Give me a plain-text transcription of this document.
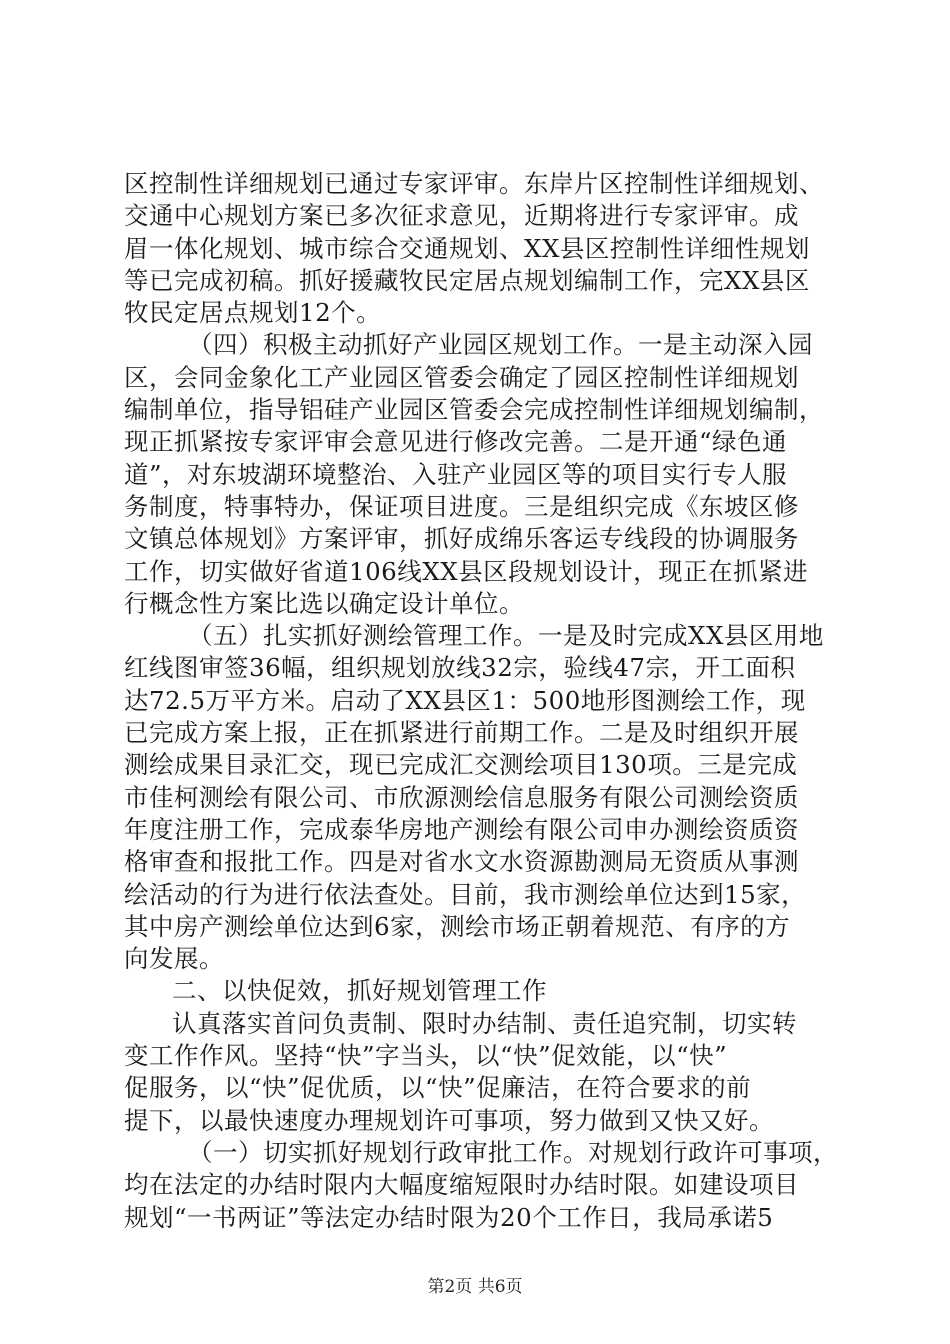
区控制性详细规划已通过专家评审。东岸片区控制性详细规划、
交通中心规划方案已多次征求意见，近期将进行专家评审。成
眉一体化规划、城市综合交通规划、XX县区控制性详细性规划
等已完成初稿。抓好援藏牧民定居点规划编制工作，完XX县区
牧民定居点规划12个。
（四）积极主动抓好产业园区规划工作。一是主动深入园
区，会同金象化工产业园区管委会确定了园区控制性详细规划
编制单位，指导铝硅产业园区管委会完成控制性详细规划编制，
现正抓紧按专家评审会意见进行修改完善。二是开通“绿色通
道”，对东坡湖环境整治、入驻产业园区等的项目实行专人服
务制度，特事特办，保证项目进度。三是组织完成《东坡区修
文镇总体规划》方案评审，抓好成绵乐客运专线段的协调服务
工作，切实做好省道106线XX县区段规划设计，现正在抓紧进
行概念性方案比选以确定设计单位。
（五）扎实抓好测绘管理工作。一是及时完成XX县区用地
红线图审签36幅，组织规划放线32宗，验线47宗，开工面积
达72.5万平方米。启动了XX县区1：500地形图测绘工作，现
已完成方案上报，正在抓紧进行前期工作。二是及时组织开展
测绘成果目录汇交，现已完成汇交测绘项目130项。三是完成
市佳柯测绘有限公司、市欣源测绘信息服务有限公司测绘资质
年度注册工作，完成泰华房地产测绘有限公司申办测绘资质资
格审查和报批工作。四是对省水文水资源勘测局无资质从事测
绘活动的行为进行依法查处。目前，我市测绘单位达到15家，
其中房产测绘单位达到6家，测绘市场正朝着规范、有序的方
向发展。
二、以快促效，抓好规划管理工作
认真落实首问负责制、限时办结制、责任追究制，切实转
变工作作风。坚持“快”字当头，以“快”促效能，以“快”
促服务，以“快”促优质，以“快”促廉洁，在符合要求的前
提下，以最快速度办理规划许可事项，努力做到又快又好。
（一）切实抓好规划行政审批工作。对规划行政许可事项，
均在法定的办结时限内大幅度缩短限时办结时限。如建设项目
规划“一书两证”等法定办结时限为20个工作日，我局承诺5
第2页 共6页
